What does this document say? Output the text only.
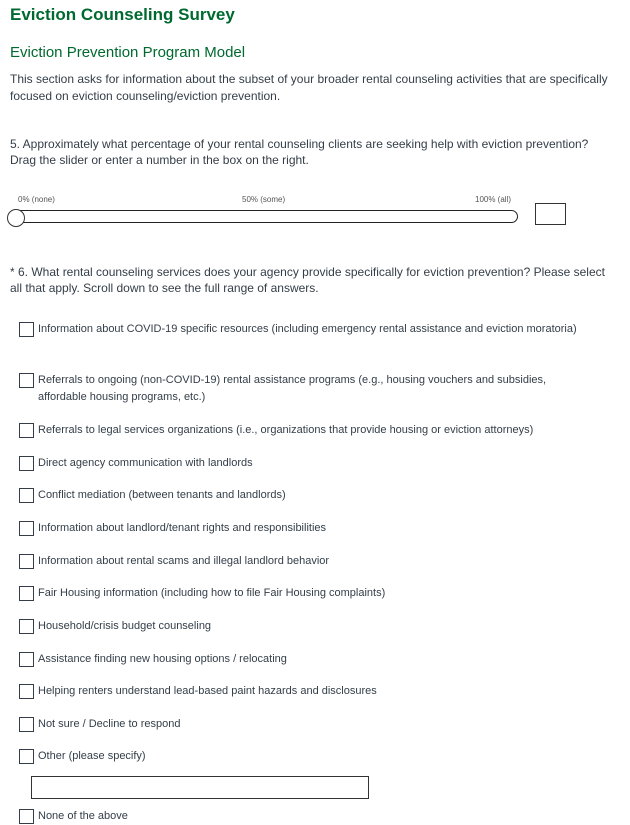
Eviction Counseling Survey
Eviction Prevention Program Model

This section asks for information about the subset of your broader rental counseling activities that are specifically focused on eviction counseling/eviction prevention.

5. Approximately what percentage of your rental counseling clients are seeking help with eviction prevention? Drag the slider or enter a number in the box on the right.

0% (none)	50% (some)	100% (all)

* 6. What rental counseling services does your agency provide specifically for eviction prevention? Please select all that apply. Scroll down to see the full range of answers.

Information about COVID-19 specific resources (including emergency rental assistance and eviction moratoria)
Referrals to ongoing (non-COVID-19) rental assistance programs (e.g., housing vouchers and subsidies, affordable housing programs, etc.)
Referrals to legal services organizations (i.e., organizations that provide housing or eviction attorneys)
Direct agency communication with landlords
Conflict mediation (between tenants and landlords)
Information about landlord/tenant rights and responsibilities
Information about rental scams and illegal landlord behavior
Fair Housing information (including how to file Fair Housing complaints)
Household/crisis budget counseling
Assistance finding new housing options / relocating
Helping renters understand lead-based paint hazards and disclosures
Not sure / Decline to respond
Other (please specify)
None of the above
